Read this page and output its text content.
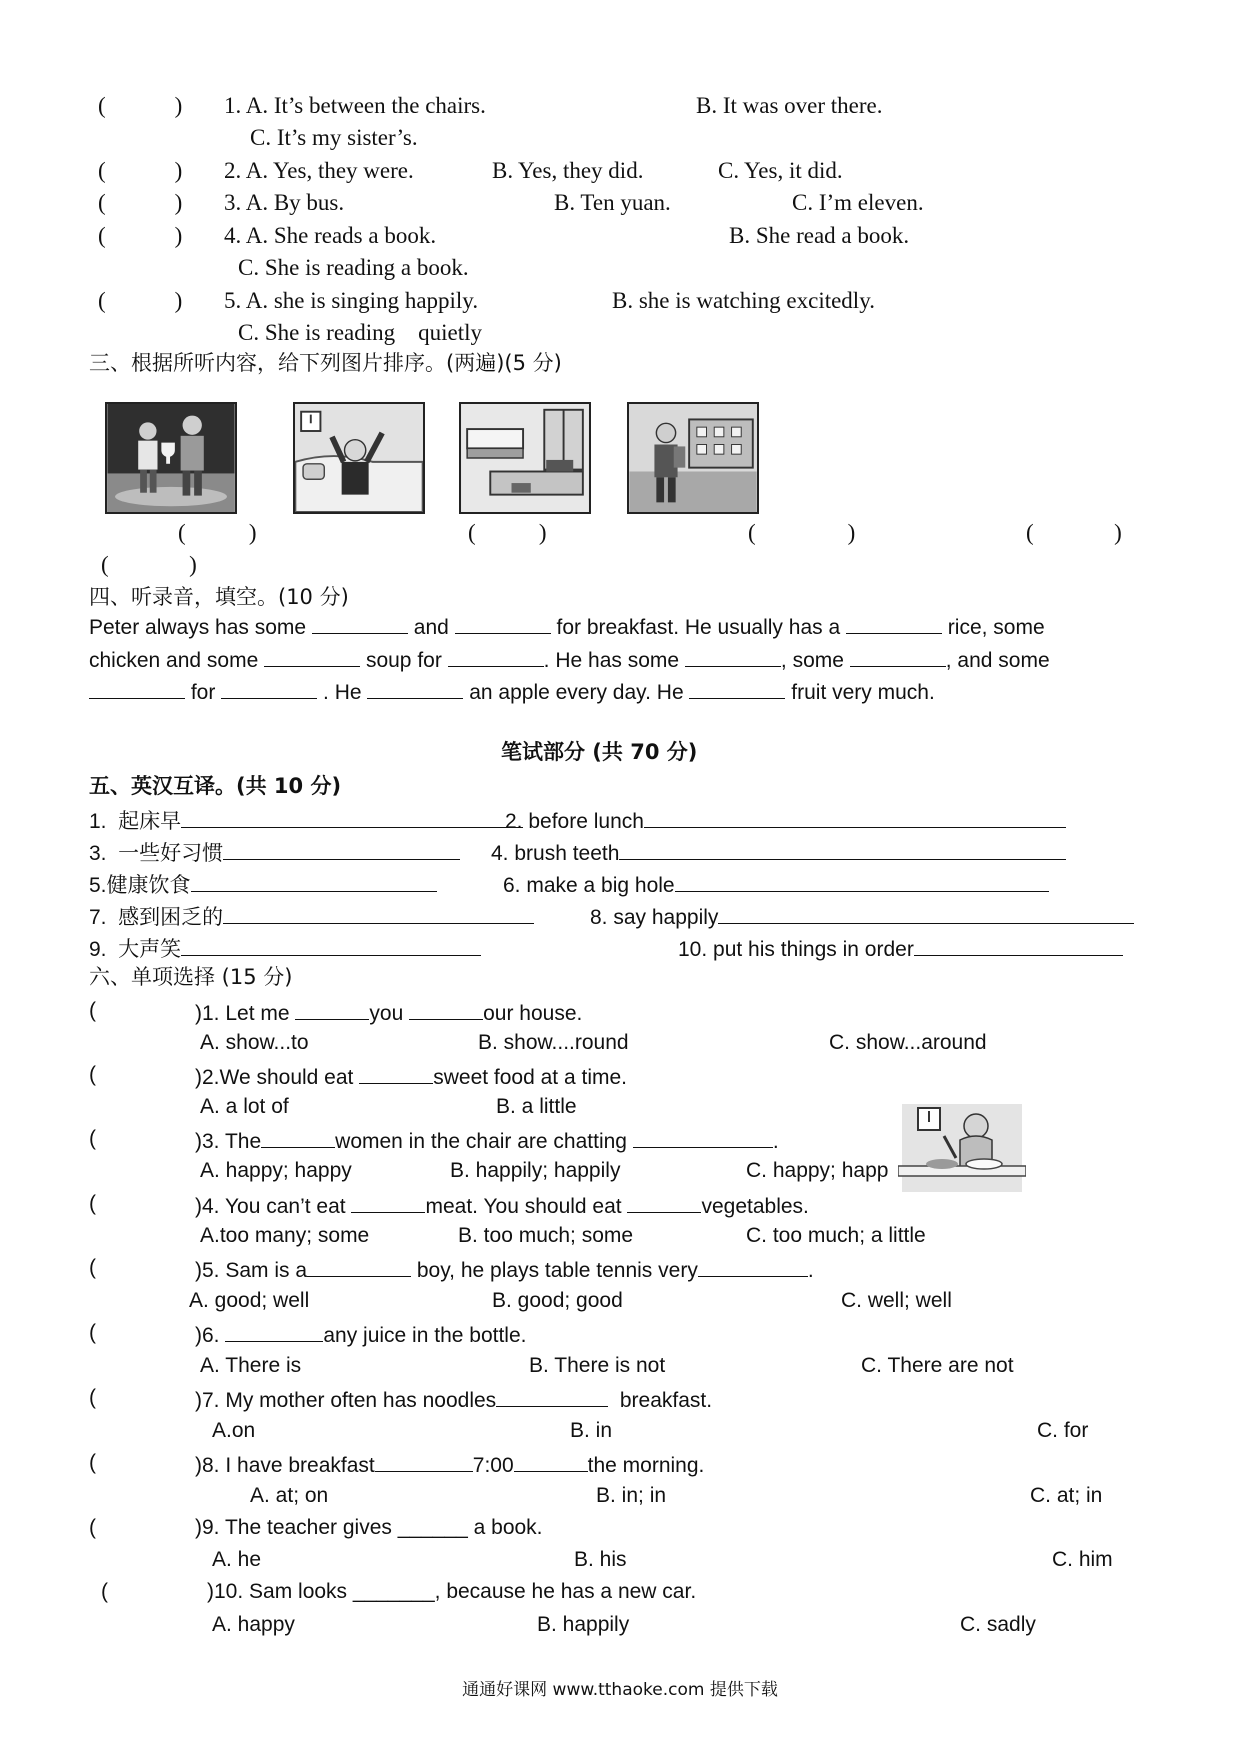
(            ) 1. A. It’s between the chairs.	B. It was over there.
C. It’s my sister’s.
(            ) 2. A. Yes, they were.	B. Yes, they did.	C. Yes, it did.
(            ) 3. A. By bus.	B. Ten yuan.	C. I’m eleven.
(            ) 4. A. She reads a book.	B. She read a book.
C. She is reading a book.
(            ) 5. A. she is singing happily.	B. she is watching excitedly.
C. She is reading    quietly
三、根据所听内容，给下列图片排序。(两遍)(5 分)
(           )	(           )	(                )	(              )
(              )
四、听录音，填空。(10 分)
Peter always has some	and	for breakfast. He usually has a	rice, some
chicken and some	soup for	. He has some	, some	, and some
for	. He	an apple every day. He	fruit very much.
笔试部分 (共 70 分)
五、英汉互译。(共 10 分)
1.  起床早	2. before lunch
3.  一些好习惯	4. brush teeth
5.健康饮食	6. make a big hole
7.  感到困乏的	8. say happily
9.  大声笑	10. put his things in order
六、单项选择 (15 分)
(	)1. Let me	you	our house.
A. show...to	B. show....round	C. show...around
(	)2.We should eat	sweet food at a time.
A. a lot of	B. a little
(	)3. The	women in the chair are chatting	.
A. happy; happy	B. happily; happily	C. happy; happ
(	)4. You can’t eat	meat. You should eat	vegetables.
A.too many; some	B. too much; some	C. too much; a little
(	)5. Sam is a	boy, he plays table tennis very	.
A. good; well	B. good; good	C. well; well
(	)6.	any juice in the bottle.
A. There is	B. There is not	C. There are not
(	)7. My mother often has noodles	breakfast.
A.on	B. in	C. for
(	)8. I have breakfast	7:00	the morning.
A. at; on	B. in; in	C. at; in
(	)9. The teacher gives ______ a book.
A. he	B. his	C. him
(	)10. Sam looks _______, because he has a new car.
A. happy	B. happily	C. sadly
通通好课网 www.tthaoke.com 提供下载
